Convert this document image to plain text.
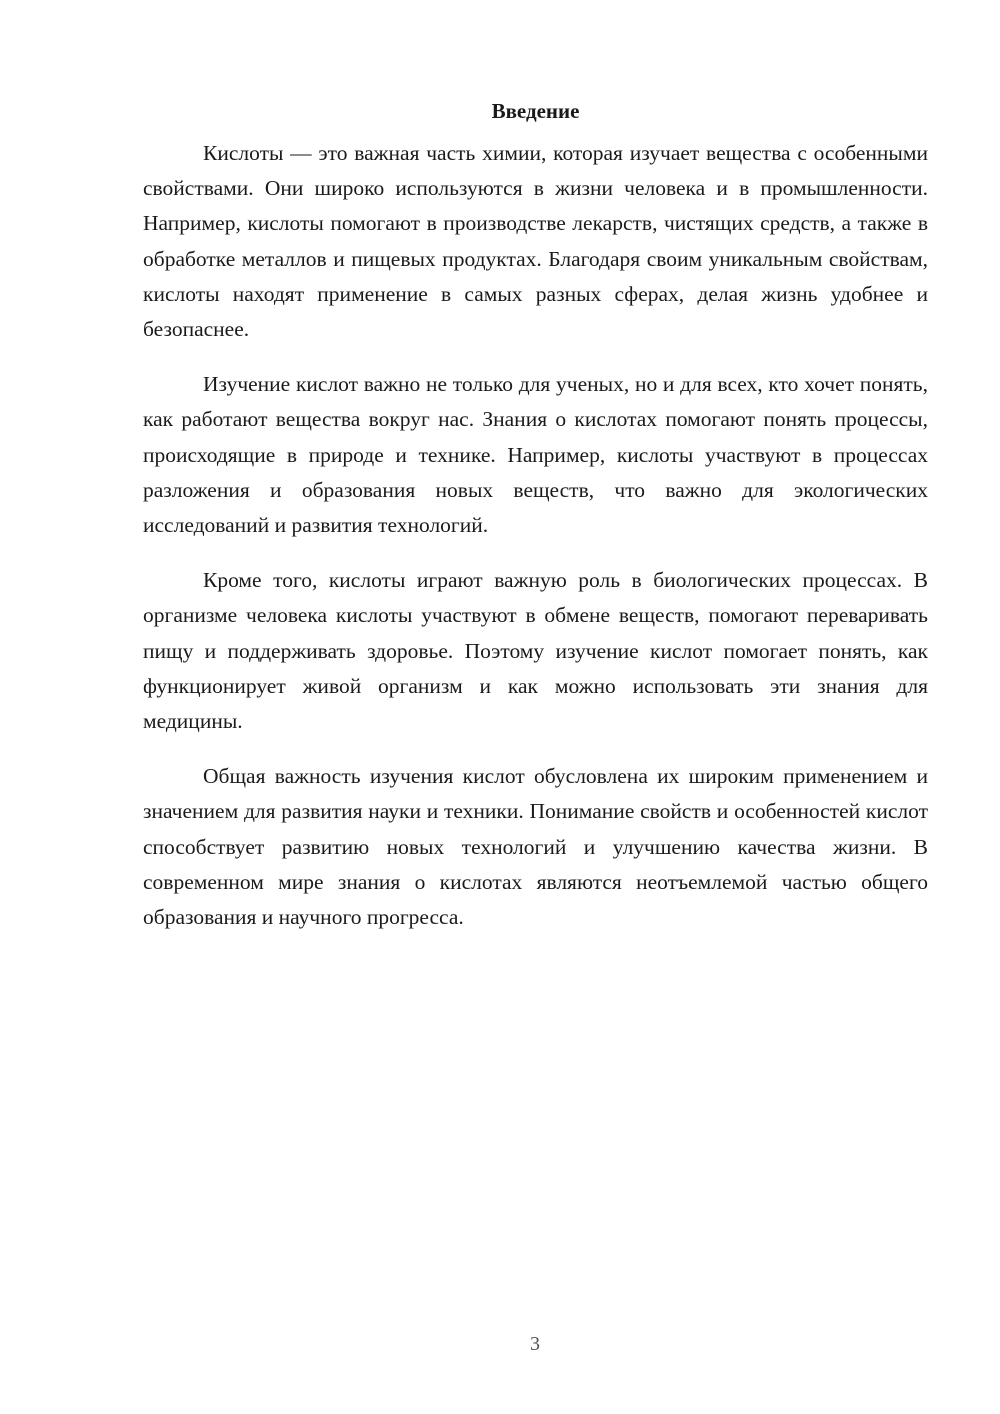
Введение

Кислоты — это важная часть химии, которая изучает вещества с особенными свойствами. Они широко используются в жизни человека и в промышленности. Например, кислоты помогают в производстве лекарств, чистящих средств, а также в обработке металлов и пищевых продуктах. Благодаря своим уникальным свойствам, кислоты находят применение в самых разных сферах, делая жизнь удобнее и безопаснее.

Изучение кислот важно не только для ученых, но и для всех, кто хочет понять, как работают вещества вокруг нас. Знания о кислотах помогают понять процессы, происходящие в природе и технике. Например, кислоты участвуют в процессах разложения и образования новых веществ, что важно для экологических исследований и развития технологий.

Кроме того, кислоты играют важную роль в биологических процессах. В организме человека кислоты участвуют в обмене веществ, помогают переваривать пищу и поддерживать здоровье. Поэтому изучение кислот помогает понять, как функционирует живой организм и как можно использовать эти знания для медицины.

Общая важность изучения кислот обусловлена их широким применением и значением для развития науки и техники. Понимание свойств и особенностей кислот способствует развитию новых технологий и улучшению качества жизни. В современном мире знания о кислотах являются неотъемлемой частью общего образования и научного прогресса.

3
